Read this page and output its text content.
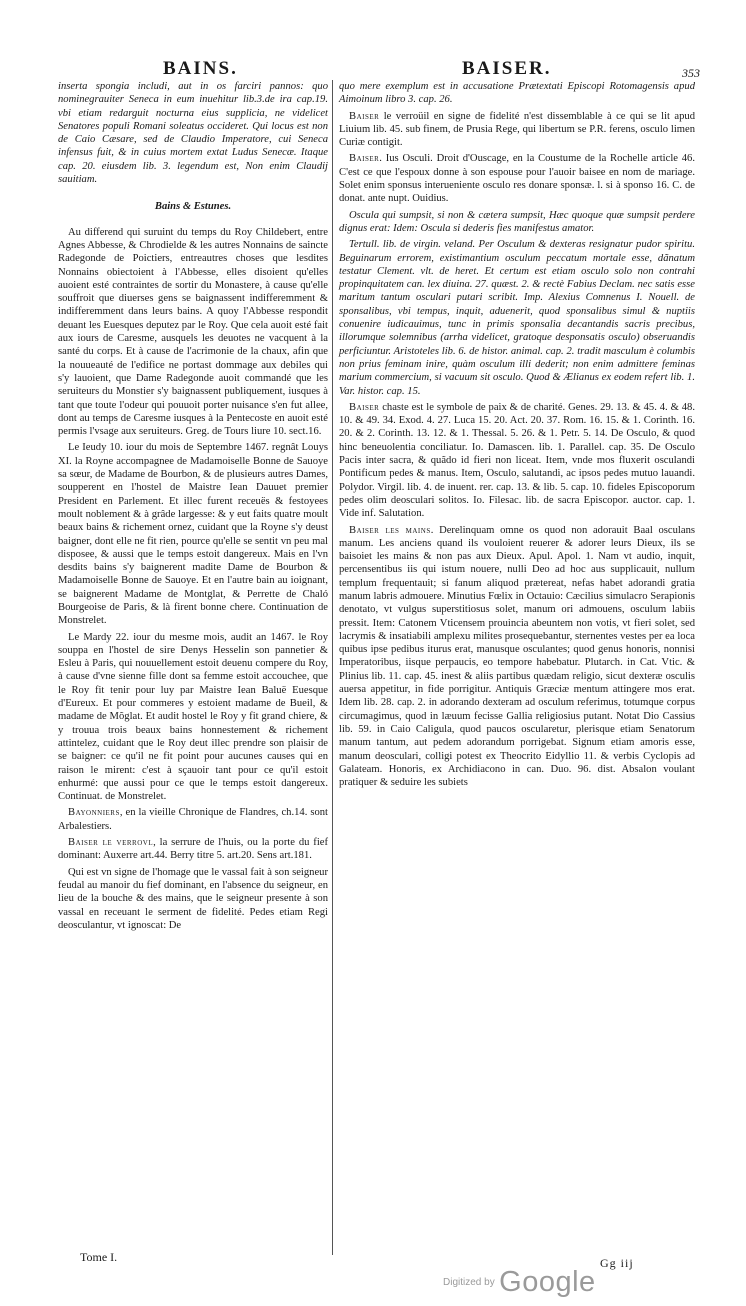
BAINS.	BAISER.	353

inserta spongia includi, aut in os farciri pannos: quo nominegrauiter Seneca in eum inuehitur lib.3.de ira cap.19. vbi etiam redarguit nocturna eius supplicia, ne videlicet Senatores populi Romani soleatus occideret. Qui locus est non de Caio Cæsare, sed de Claudio Imperatore, cui Seneca infensus fuit, & in cuius mortem extat Ludus Senecæ. Itaque cap. 20. eiusdem lib. 3. legendum est, Non enim Claudij sauitiam.

Bains & Estunes.

Au differend qui suruint du temps du Roy Childebert, entre Agnes Abbesse, & Chrodielde & les autres Nonnains de saincte Radegonde de Poictiers, entreautres choses que lesdites Nonnains obiectoient à l'Abbesse, elles disoient qu'elles auoient esté contraintes de sortir du Monastere, à cause qu'elle souffroit que diuerses gens se baignassent indifferemment & indifferemment dans leurs bains. A quoy l'Abbesse respondit deuant les Euesques deputez par le Roy. Que cela auoit esté fait aux iours de Caresme, ausquels les deuotes ne vacquent à la santé du corps. Et à cause de l'acrimonie de la chaux, afin que la nouueauté de l'edifice ne portast dommage aux debiles qui s'y lauoient, que Dame Radegonde auoit commandé que les seruiteurs du Monstier s'y baignassent publiquement, iusques à tant que toute l'odeur qui pouuoit porter nuisance s'en fut allee, dont au temps de Caresme iusques à la Pentecoste en auoit esté permis l'vsage aux seruiteurs. Greg. de Tours liure 10. sect.16.

Le Ieudy 10. iour du mois de Septembre 1467. regnât Louys XI. la Royne accompagnee de Madamoiselle Bonne de Sauoye sa sœur, de Madame de Bourbon, & de plusieurs autres Dames, soupperent en l'hostel de Maistre Iean Dauuet premier President en Parlement. Et illec furent receuës & festoyees moult noblement & à grâde largesse: & y eut faits quatre moult beaux bains & richement ornez, cuidant que la Royne s'y deust baigner, dont elle ne fit rien, pource qu'elle se sentit vn peu mal disposee, & aussi que le temps estoit dangereux. Mais en l'vn desdits bains s'y baignerent madite Dame de Bourbon & Madamoiselle Bonne de Sauoye. Et en l'autre bain au ioignant, se baignerent Madame de Montglat, & Perrette de Chaló Bourgeoise de Paris, & là firent bonne chere. Continuation de Monstrelet.

Le Mardy 22. iour du mesme mois, audit an 1467. le Roy souppa en l'hostel de sire Denys Hesselin son pannetier & Esleu à Paris, qui nouuellement estoit deuenu compere du Roy, à cause d'vne sienne fille dont sa femme estoit accouchee, que le Roy fit tenir pour luy par Maistre Iean Baluë Euesque d'Eureux. Et pour commeres y estoient madame de Bueil, & madame de Mõglat. Et audit hostel le Roy y fit grand chiere, & y trouua trois beaux bains honnestement & richement attintelez, cuidant que le Roy deut illec prendre son plaisir de se baigner: ce qu'il ne fit point pour aucunes causes qui en raison le mirent: c'est à sçauoir tant pour ce qu'il estoit enhurmé: que aussi pour ce que le temps estoit dangereux. Continuat. de Monstrelet.

Bayonniers, en la vieille Chronique de Flandres, ch.14. sont Arbalestiers.

Baiser le verrovl, la serrure de l'huis, ou la porte du fief dominant: Auxerre art.44. Berry titre 5. art.20. Sens art.181.

Qui est vn signe de l'homage que le vassal fait à son seigneur feudal au manoir du fief dominant, en l'absence du seigneur, en lieu de la bouche & des mains, que le seigneur presente à son vassal en receuant le serment de fidelité. Pedes etiam Regi deosculantur, vt ignoscat: De

quo mere exemplum est in accusatione Prætextati Episcopi Rotomagensis apud Aimoinum libro 3. cap. 26.

Baiser le verroüil en signe de fidelité n'est dissemblable à ce qui se lit apud Liuium lib. 45. sub finem, de Prusia Rege, qui libertum se P.R. ferens, osculo limen Curiæ contigit.

Baiser. Ius Osculi. Droit d'Ouscage, en la Coustume de la Rochelle article 46. C'est ce que l'espoux donne à son espouse pour l'auoir baisee en nom de mariage. Solet enim sponsus interueniente osculo res donare sponsæ. l. si à sponso 16. C. de donat. ante nupt. Ouidius.

Oscula qui sumpsit, si non & cætera sumpsit, Hæc quoque quæ sumpsit perdere dignus erat: Idem: Oscula si dederis fies manifestus amator.

Tertull. lib. de virgin. veland. Per Osculum & dexteras resignatur pudor spiritu. Beguinarum errorem, existimantium osculum peccatum mortale esse, dãnatum testatur Clement. vlt. de heret. Et certum est etiam osculo solo non contrahi propinquitatem can. lex diuina. 27. quæst. 2. & rectè Fabius Declam. nec satis esse maritum tantum osculari putari scribit. Imp. Alexius Comnenus I. Nouell. de sponsalibus, vbi tempus, inquit, aduenerit, quod sponsalibus simul & nuptiis conuenire iudicauimus, tunc in primis sponsalia decantandis sacris precibus, illorumque solemnibus (arrha videlicet, gratoque desponsatis osculo) obseruandis perficiuntur. Aristoteles lib. 6. de histor. animal. cap. 2. tradit masculum è columbis non prius feminam inire, quàm osculum illi dederit; non enim admittere feminas marium commercium, si vacuum sit osculo. Quod & Ælianus ex eodem refert lib. 1. Var. histor. cap. 15.

Baiser chaste est le symbole de paix & de charité. Genes. 29. 13. & 45. 4. & 48. 10. & 49. 34. Exod. 4. 27. Luca 15. 20. Act. 20. 37. Rom. 16. 15. & 1. Corinth. 16. 20. & 2. Corinth. 13. 12. & 1. Thessal. 5. 26. & 1. Petr. 5. 14. De Osculo, & quod hinc beneuolentia conciliatur. Io. Damascen. lib. 1. Parallel. cap. 35. De Osculo Pacis inter sacra, & quãdo id fieri non liceat. Item, vnde mos fluxerit osculandi Pontificum pedes & manus. Item, Osculo, salutandi, ac ipsos pedes mutuo lauandi. Polydor. Virgil. lib. 4. de inuent. rer. cap. 13. & lib. 5. cap. 10. fideles Episcoporum pedes olim deosculari solitos. Io. Filesac. lib. de sacra Episcopor. auctor. cap. 1. Vide inf. Salutation.

Baiser les mains. Derelinquam omne os quod non adorauit Baal osculans manum. Les anciens quand ils vouloient reuerer & adorer leurs Dieux, ils se baisoiet les mains & non pas aux Dieux. Apul. Apol. 1. Nam vt audio, inquit, percensentibus iis qui istum nouere, nulli Deo ad hoc aus supplicauit, nullum templum frequentauit; si fanum aliquod prætereat, nefas habet adorandi gratia manum labris admouere. Minutius Fœlix in Octauio: Cæcilius simulacro Serapionis denotato, vt vulgus superstitiosus solet, manum ori admouens, osculum labiis pressit. Item: Catonem Vticensem prouincia abeuntem non votis, vt fieri solet, sed lacrymis & insatiabili amplexu milites prosequebantur, sternentes vestes per ea loca quibus ipse pedibus iturus erat, manusque osculantes; quod genus honoris, nonnisi Imperatoribus, iisque perpaucis, eo tempore habebatur. Plutarch. in Cat. Vtic. & Plinius lib. 11. cap. 45. inest & aliis partibus quædam religio, sicut dexteræ osculis auersa appetitur, in fide porrigitur. Antiquis Græciæ mentum attingere mos erat. Idem lib. 28. cap. 2. in adorando dexteram ad osculum referimus, totumque corpus circumagimus, quod in læuum fecisse Gallia religiosius putant. Notat Dio Cassius lib. 59. in Caio Caligula, quod paucos oscularetur, plerisque etiam Senatorum manum tantum, aut pedem adorandum porrigebat. Signum etiam amoris esse, manum deosculari, colligi potest ex Theocrito Eidyllio 11. & verbis Cyclopis ad Galateam. Honoris, ex Archidiacono in can. Duo. 96. dist. Absalon voulant pratiquer & seduire les subiets

Tome I.	Gg iij
Digitized by Google
